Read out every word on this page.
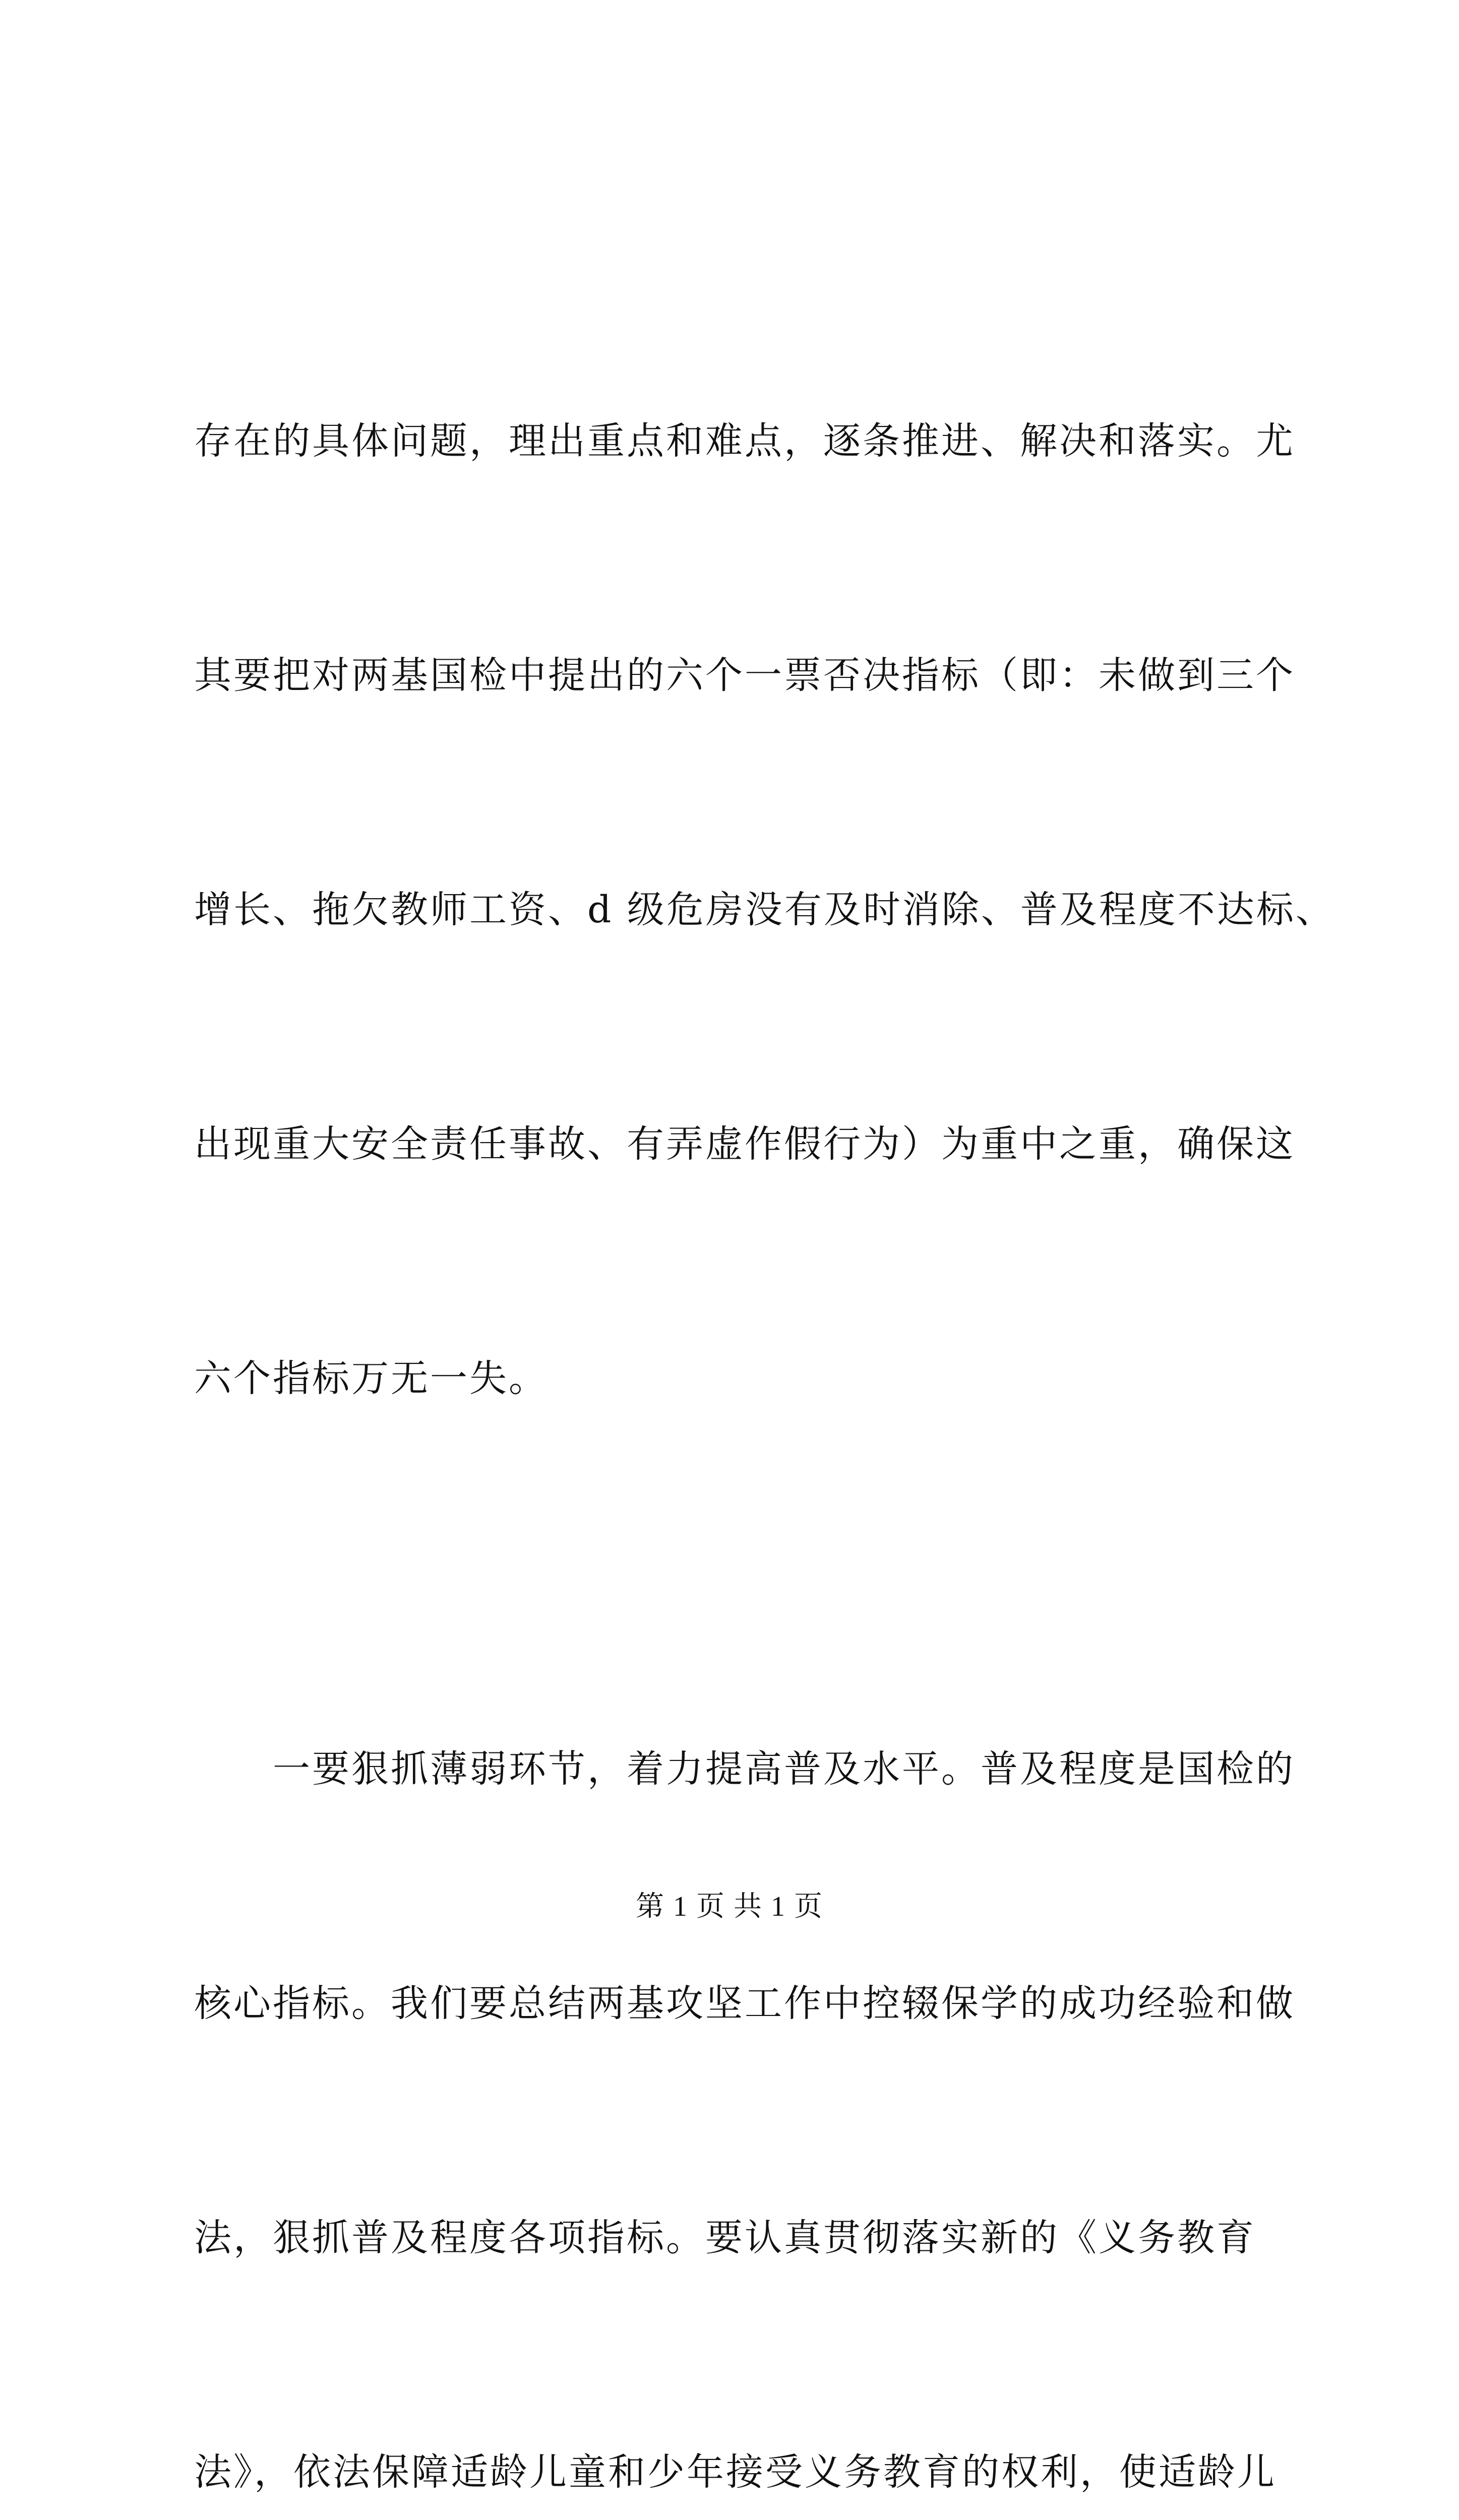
存在的具体问题，理出重点和难点，逐条推进、解决和落实。尤

其要把对两基国检中提出的六个一票否决指标（即：未做到三个

增长、拖欠教师工资、d 级危房没有及时消除、普及程度不达标、

出现重大安全责任事故、有弄虚作假行为）为重中之重，确保这

六个指标万无一失。

　　一要狠抓薄弱环节，着力提高普及水平。普及程度是国检的

核心指标。我们要总结两基攻坚工作中控辍保学的成功经验和做

法，狠抓普及程度各项指标。要认真贯彻落实新的《义务教育

法》，依法保障适龄儿童和少年接受义务教育的权利，使适龄儿

第 1 页 共 1 页
